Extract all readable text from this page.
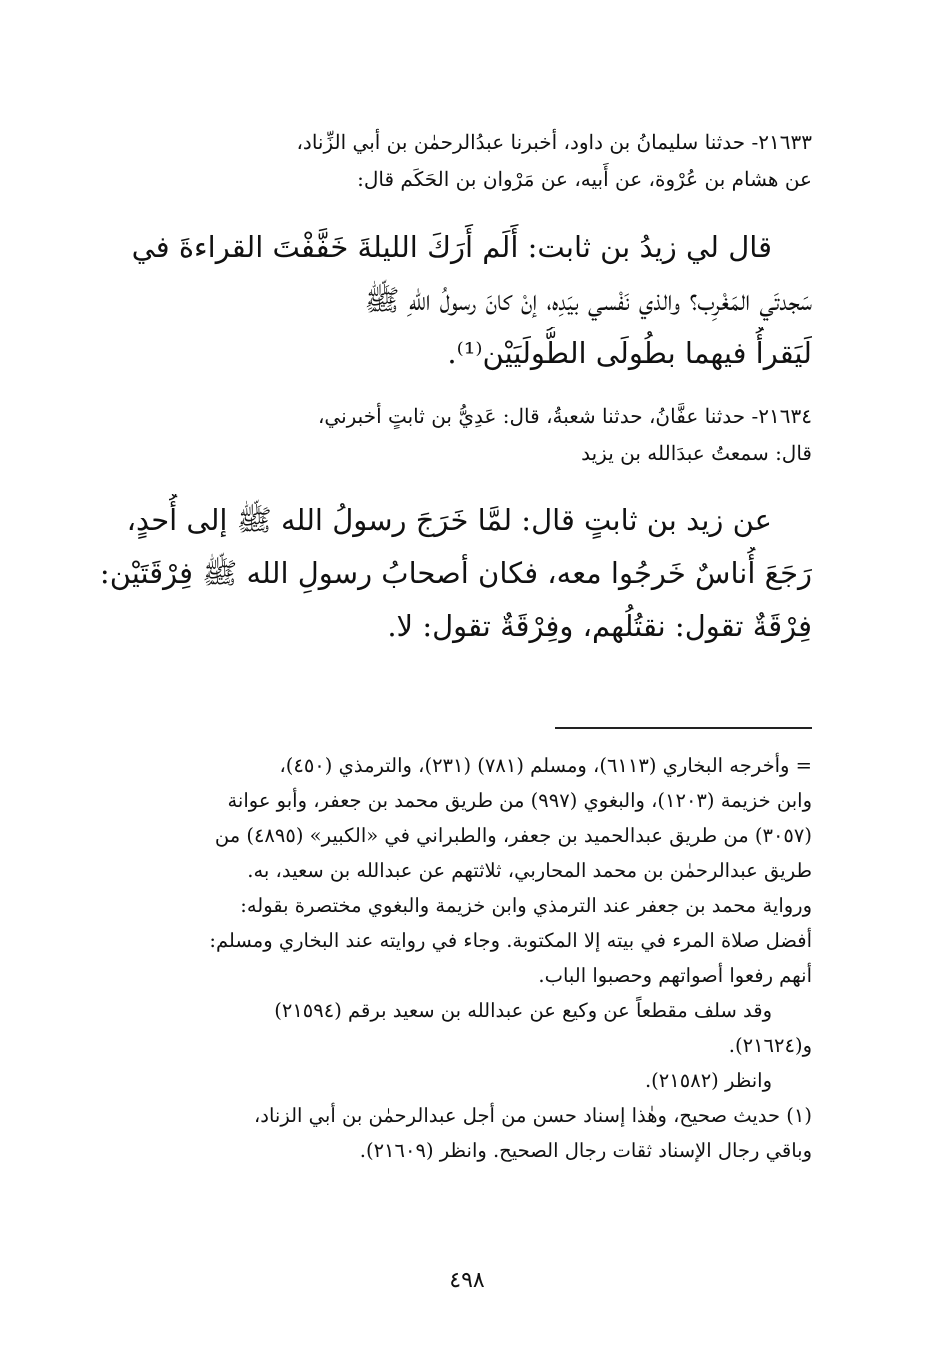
٢١٦٣٣- حدثنا سليمانُ بن داود، أخبرنا عبدُالرحمٰن بن أبي الزِّناد،
عن هشام بن عُرْوة، عن أَبيه، عن مَرْوان بن الحَكَم قال:
قال لي زيدُ بن ثابت: أَلَم أَرَكَ الليلةَ خَفَّفْتَ القراءةَ في
سَجدتَي المَغْرِب؟ والذي نَفْسي بيَدِه، إنْ كانَ رسولُ اللهِ ﷺ
لَيَقرأُ فيهما بطُولَى الطُّولَيَيْن⁽¹⁾.
٢١٦٣٤- حدثنا عفَّانُ، حدثنا شعبةُ، قال: عَدِيُّ بن ثابتٍ أخبرني،
قال: سمعتُ عبدَالله بن يزيد
عن زيد بن ثابتٍ قال: لمَّا خَرَجَ رسولُ الله ﷺ إلى أُحدٍ،
رَجَعَ أُناسٌ خَرجُوا معه، فكان أصحابُ رسولِ الله ﷺ فِرْقَتَيْن:
فِرْقَةٌ تقول: نقتُلُهم، وفِرْقَةٌ تقول: لا.
= وأخرجه البخاري (٦١١٣)، ومسلم (٧٨١) (٢٣١)، والترمذي (٤٥٠)،
وابن خزيمة (١٢٠٣)، والبغوي (٩٩٧) من طريق محمد بن جعفر، وأبو عوانة
(٣٠٥٧) من طريق عبدالحميد بن جعفر، والطبراني في «الكبير» (٤٨٩٥) من
طريق عبدالرحمٰن بن محمد المحاربي، ثلاثتهم عن عبدالله بن سعيد، به.
ورواية محمد بن جعفر عند الترمذي وابن خزيمة والبغوي مختصرة بقوله:
أفضل صلاة المرء في بيته إلا المكتوبة. وجاء في روايته عند البخاري ومسلم:
أنهم رفعوا أصواتهم وحصبوا الباب.
وقد سلف مقطعاً عن وكيع عن عبدالله بن سعيد برقم (٢١٥٩٤)
و(٢١٦٢٤).
وانظر (٢١٥٨٢).
(١) حديث صحيح، وهٰذا إسناد حسن من أجل عبدالرحمٰن بن أبي الزناد،
وباقي رجال الإسناد ثقات رجال الصحيح. وانظر (٢١٦٠٩).
٤٩٨
